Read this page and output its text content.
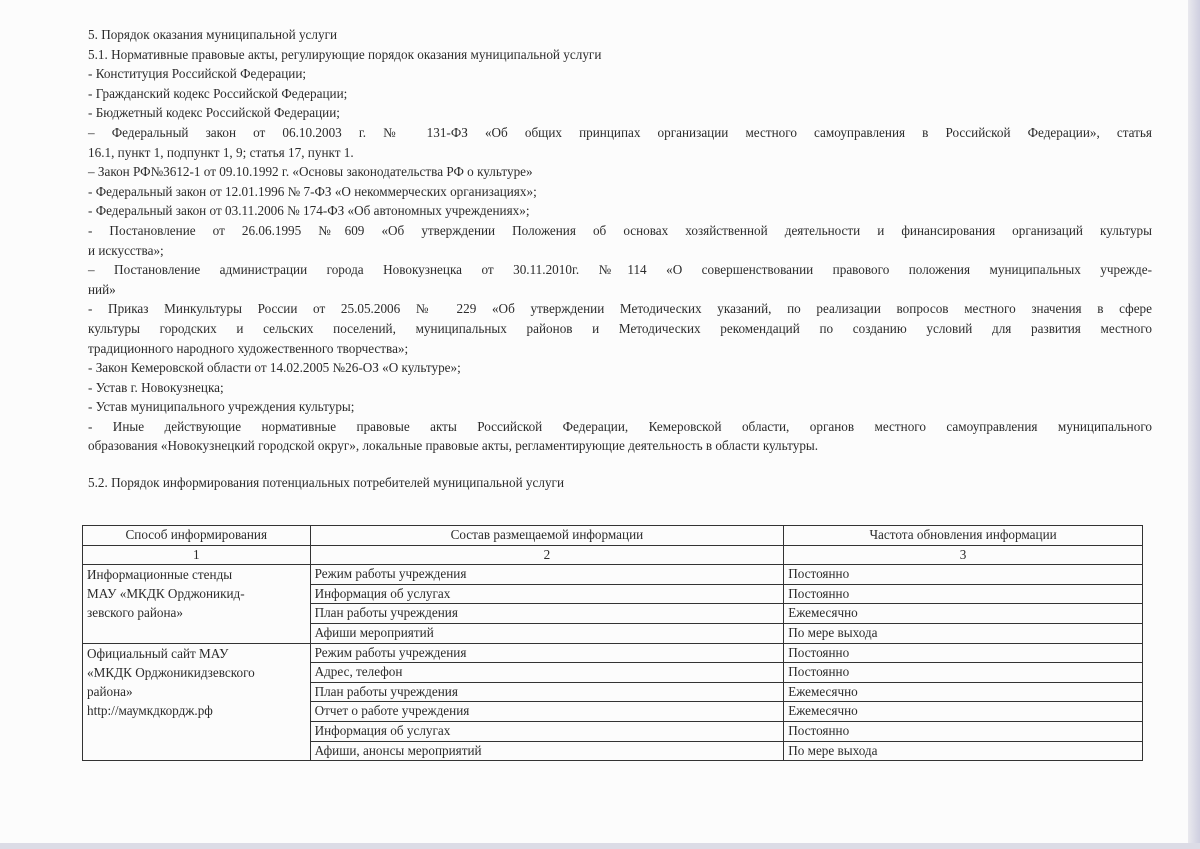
5. Порядок оказания муниципальной услуги
5.1. Нормативные правовые акты, регулирующие порядок оказания муниципальной услуги
- Конституция Российской Федерации;
- Гражданский кодекс Российской Федерации;
- Бюджетный кодекс Российской Федерации;
– Федеральный закон от 06.10.2003 г. № 131-ФЗ «Об общих принципах организации местного самоуправления в Российской Федерации», статья
16.1, пункт 1, подпункт 1, 9; статья 17, пункт 1.
– Закон РФ№3612-1 от 09.10.1992 г. «Основы законодательства РФ о культуре»
- Федеральный закон от 12.01.1996 № 7-ФЗ «О некоммерческих организациях»;
- Федеральный закон от 03.11.2006 № 174-ФЗ «Об автономных учреждениях»;
- Постановление от 26.06.1995 №609 «Об утверждении Положения об основах хозяйственной деятельности и финансирования организаций культуры
и искусства»;
– Постановление администрации города Новокузнецка от 30.11.2010г. №114 «О совершенствовании правового положения муниципальных учрежде-
ний»
- Приказ Минкультуры России от 25.05.2006 № 229 «Об утверждении Методических указаний, по реализации вопросов местного значения в сфере
культуры городских и сельских поселений, муниципальных районов и Методических рекомендаций по созданию условий для развития местного
традиционного народного художественного творчества»;
- Закон Кемеровской области от 14.02.2005 №26-ОЗ «О культуре»;
- Устав г. Новокузнецка;
- Устав муниципального учреждения культуры;
- Иные действующие нормативные правовые акты Российской Федерации, Кемеровской области, органов местного самоуправления муниципального
образования «Новокузнецкий городской округ», локальные правовые акты, регламентирующие деятельность в области культуры.
5.2. Порядок информирования потенциальных потребителей муниципальной услуги
Способ информирования	Состав размещаемой информации	Частота обновления информации
1	2	3

Информационные стенды
МАУ «МКДК Орджоникид-
зевского района»	Режим работы учреждения	Постоянно
	Информация об услугах	Постоянно
	План работы учреждения	Ежемесячно
	Афиши мероприятий	По мере выхода

Официальный сайт МАУ
«МКДК Орджоникидзевского
района»
http://маумкдкордж.рф	Режим работы учреждения	Постоянно
	Адрес, телефон	Постоянно
	План работы учреждения	Ежемесячно
	Отчет о работе учреждения	Ежемесячно
	Информация об услугах	Постоянно
	Афиши, анонсы мероприятий	По мере выхода
